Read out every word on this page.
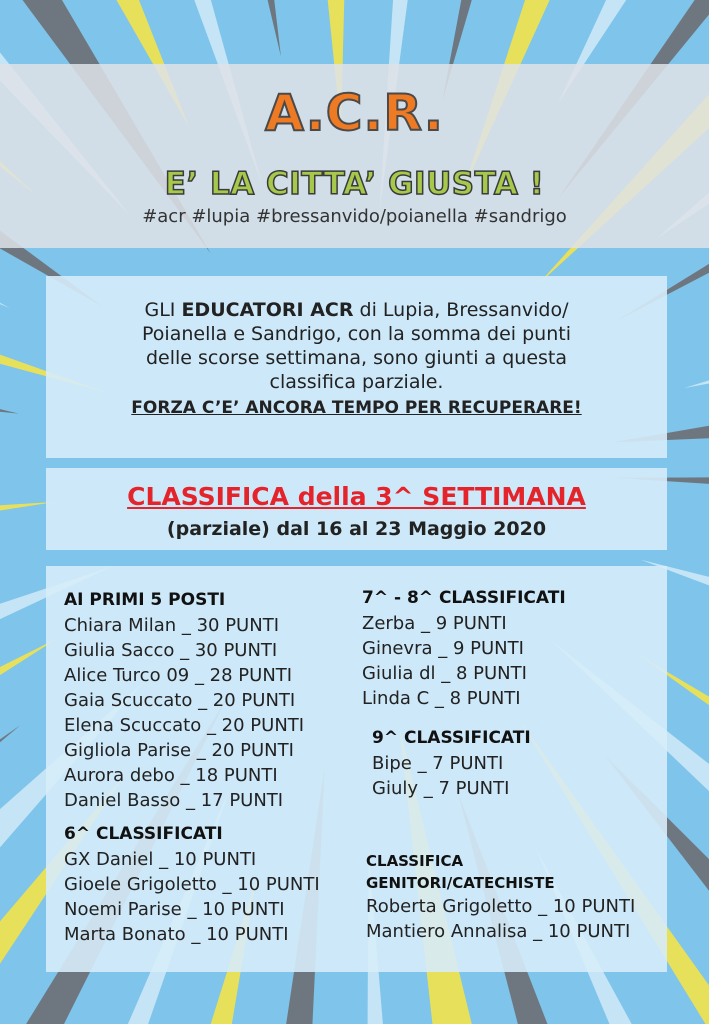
A.C.R.
E’ LA CITTA’ GIUSTA !
#acr #lupia #bressanvido/poianella #sandrigo
GLI EDUCATORI ACR di Lupia, Bressanvido/
Poianella e Sandrigo, con la somma dei punti
delle scorse settimana, sono giunti a questa
classifica parziale.
FORZA C’E’ ANCORA TEMPO PER RECUPERARE!
CLASSIFICA della 3^ SETTIMANA
(parziale) dal 16 al 23 Maggio 2020
AI PRIMI 5 POSTI
Chiara Milan _ 30 PUNTI
Giulia Sacco _ 30 PUNTI
Alice Turco 09 _ 28 PUNTI
Gaia Scuccato _ 20 PUNTI
Elena Scuccato _ 20 PUNTI
Gigliola Parise _ 20 PUNTI
Aurora debo _ 18 PUNTI
Daniel Basso _ 17 PUNTI
6^ CLASSIFICATI
GX Daniel _ 10 PUNTI
Gioele Grigoletto _ 10 PUNTI
Noemi Parise _ 10 PUNTI
Marta Bonato _ 10 PUNTI
7^ - 8^ CLASSIFICATI
Zerba _ 9 PUNTI
Ginevra _ 9 PUNTI
Giulia dl _ 8 PUNTI
Linda C _ 8 PUNTI
9^ CLASSIFICATI
Bipe _ 7 PUNTI
Giuly _ 7 PUNTI
CLASSIFICA
GENITORI/CATECHISTE
Roberta Grigoletto _ 10 PUNTI
Mantiero Annalisa _ 10 PUNTI
